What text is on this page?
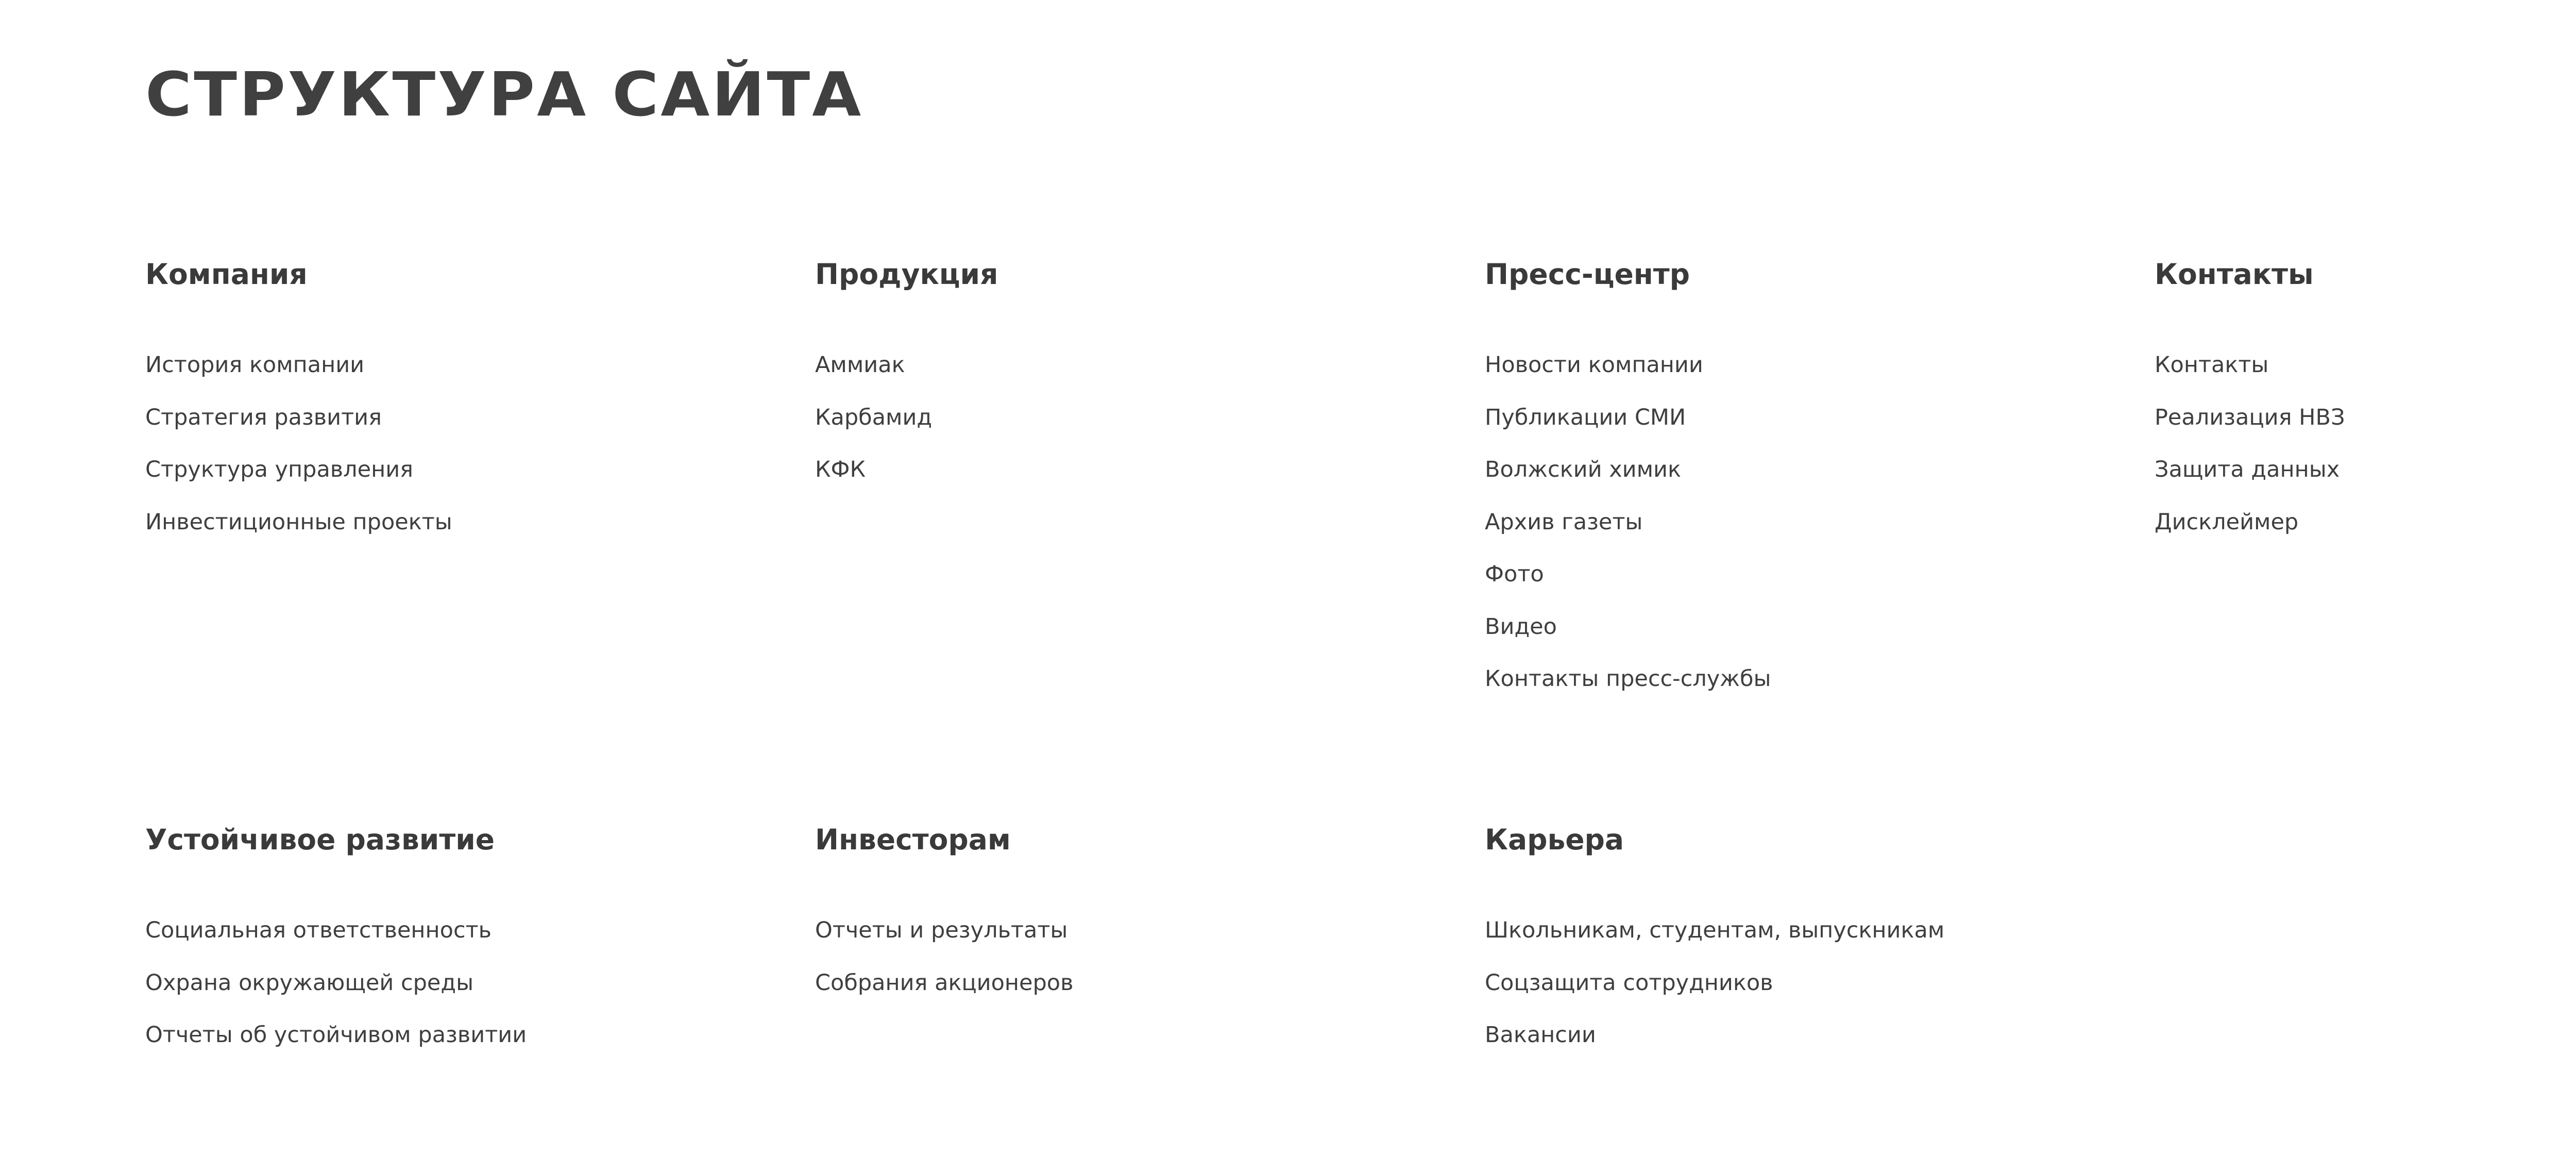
СТРУКТУРА САЙТА
Компания
История компании
Стратегия развития
Структура управления
Инвестиционные проекты
Продукция
Аммиак
Карбамид
КФК
Пресс-центр
Новости компании
Публикации СМИ
Волжский химик
Архив газеты
Фото
Видео
Контакты пресс-службы
Контакты
Контакты
Реализация НВЗ
Защита данных
Дисклеймер
Устойчивое развитие
Социальная ответственность
Охрана окружающей среды
Отчеты об устойчивом развитии
Инвесторам
Отчеты и результаты
Собрания акционеров
Карьера
Школьникам, студентам, выпускникам
Соцзащита сотрудников
Вакансии
